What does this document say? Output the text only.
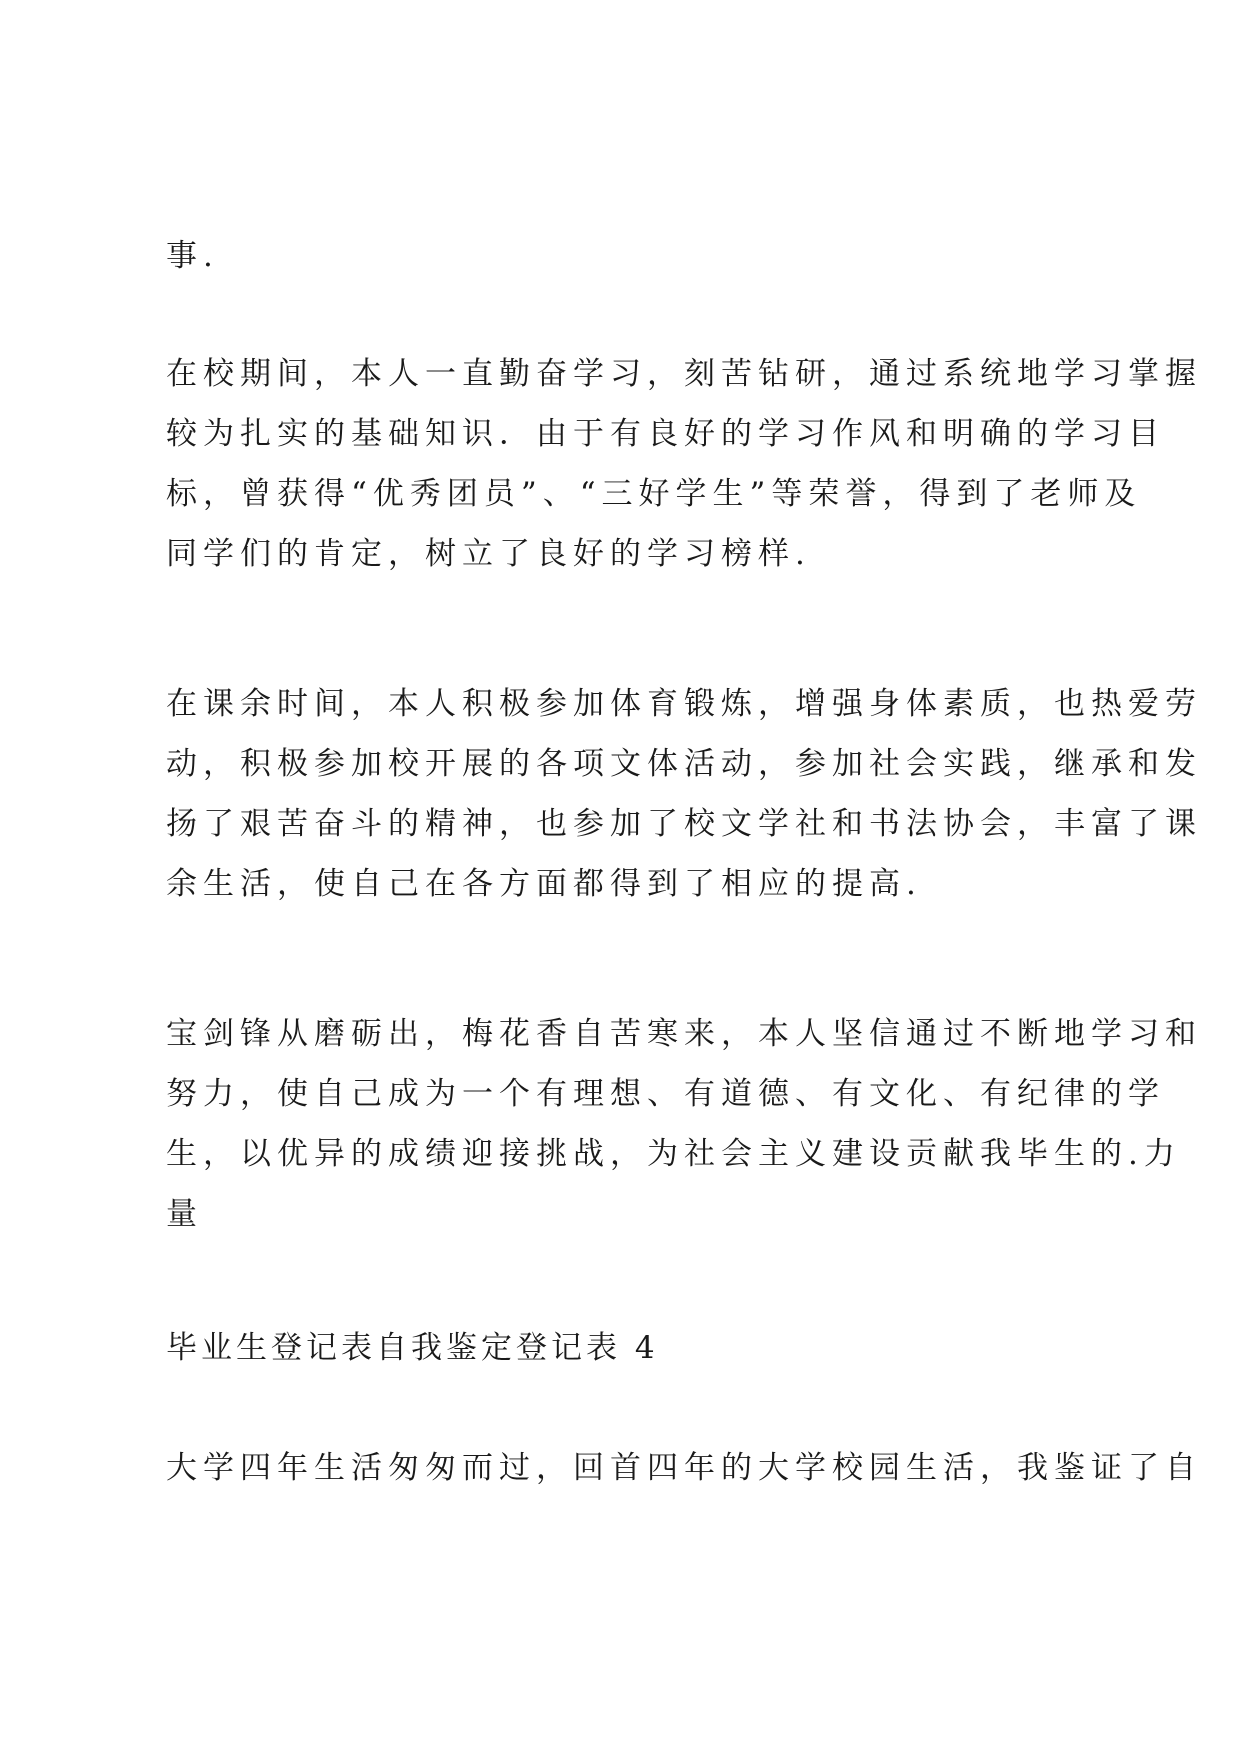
事.
在校期间，本人一直勤奋学习，刻苦钻研，通过系统地学习掌握
较为扎实的基础知识．由于有良好的学习作风和明确的学习目
标，曾获得“优秀团员”、“三好学生”等荣誉，得到了老师及
同学们的肯定，树立了良好的学习榜样.
在课余时间，本人积极参加体育锻炼，增强身体素质，也热爱劳
动，积极参加校开展的各项文体活动，参加社会实践，继承和发
扬了艰苦奋斗的精神，也参加了校文学社和书法协会，丰富了课
余生活，使自己在各方面都得到了相应的提高.
宝剑锋从磨砺出，梅花香自苦寒来，本人坚信通过不断地学习和
努力，使自己成为一个有理想、有道德、有文化、有纪律的学
生，以优异的成绩迎接挑战，为社会主义建设贡献我毕生的.力
量
毕业生登记表自我鉴定登记表 4
大学四年生活匆匆而过，回首四年的大学校园生活，我鉴证了自
